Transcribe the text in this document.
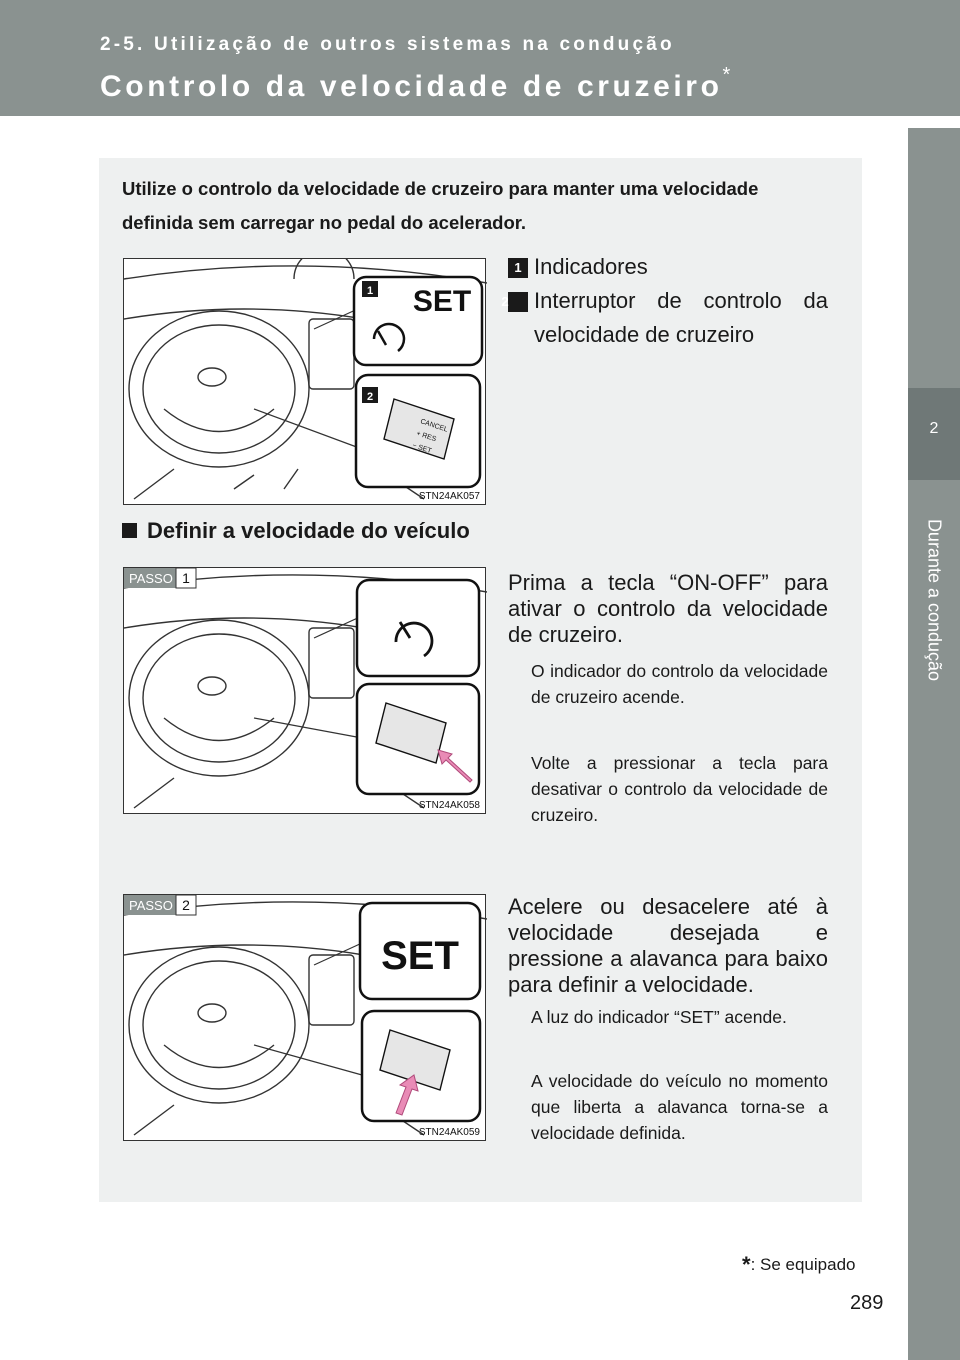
2-5. Utilização de outros sistemas na condução
Controlo da velocidade de cruzeiro*
2
Durante a condução
Utilize o controlo da velocidade de cruzeiro para manter uma velocidade definida sem carregar no pedal do acelerador.
1 SET
2
CANCEL
+ RES
− SET
STN24AK057
1 Indicadores
2 Interruptor de controlo da velocidade de cruzeiro
Definir a velocidade do veículo
PASSO 1
STN24AK058
Prima a tecla “ON-OFF” para ativar o controlo da velocidade de cruzeiro.
O indicador do controlo da velocidade de cruzeiro acende.
Volte a pressionar a tecla para desativar o controlo da velocidade de cruzeiro.
PASSO 2
SET
STN24AK059
Acelere ou desacelere até à velocidade desejada e pressione a alavanca para baixo para definir a velocidade.
A luz do indicador “SET” acende.
A velocidade do veículo no momento que liberta a alavanca torna-se a velocidade definida.
*: Se equipado
289
